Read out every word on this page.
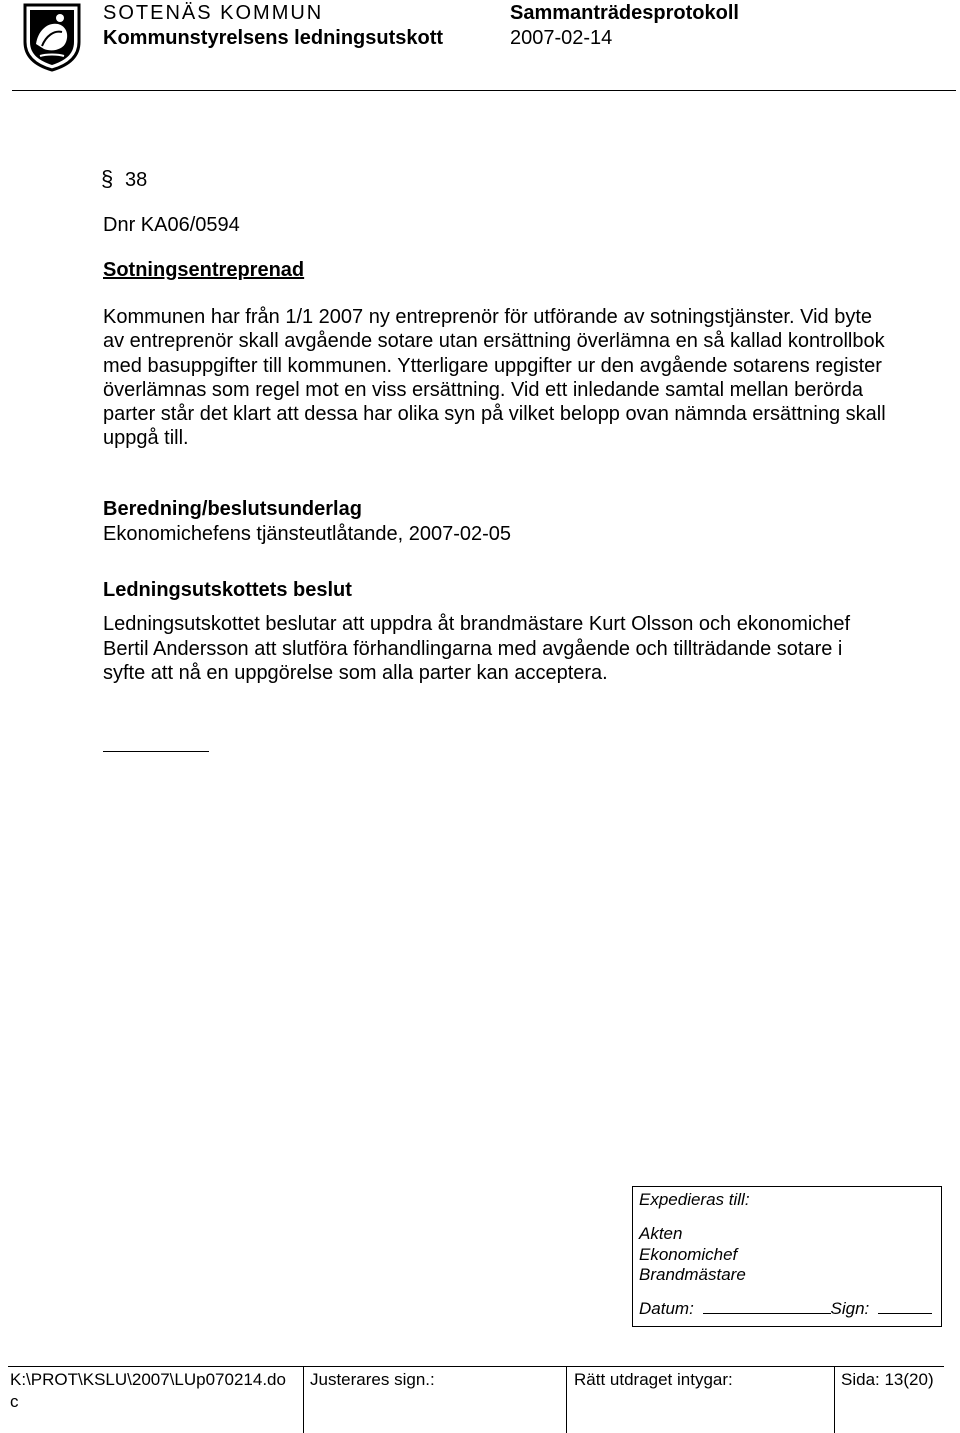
SOTENÄS KOMMUN
Kommunstyrelsens ledningsutskott
Sammanträdesprotokoll
2007-02-14
§ 38
Dnr KA06/0594
Sotningsentreprenad
Kommunen har från 1/1 2007 ny entreprenör för utförande av sotningstjänster. Vid byte av entreprenör skall avgående sotare utan ersättning överlämna en så kallad kontrollbok med basuppgifter till kommunen. Ytterligare uppgifter ur den avgående sotarens register överlämnas som regel mot en viss ersättning. Vid ett inledande samtal mellan berörda parter står det klart att dessa har olika syn på vilket belopp ovan nämnda ersättning skall uppgå till.
Beredning/beslutsunderlag
Ekonomichefens tjänsteutlåtande, 2007-02-05
Ledningsutskottets beslut
Ledningsutskottet beslutar att uppdra åt brandmästare Kurt Olsson och ekonomichef Bertil Andersson att slutföra förhandlingarna med avgående och tillträdande sotare i syfte att nå en uppgörelse som alla parter kan acceptera.
Expedieras till:
Akten
Ekonomichef
Brandmästare
Datum:	Sign:
K:\PROT\KSLU\2007\LUp070214.do
c
Justerares sign.:	Rätt utdraget intygar:	Sida: 13(20)
